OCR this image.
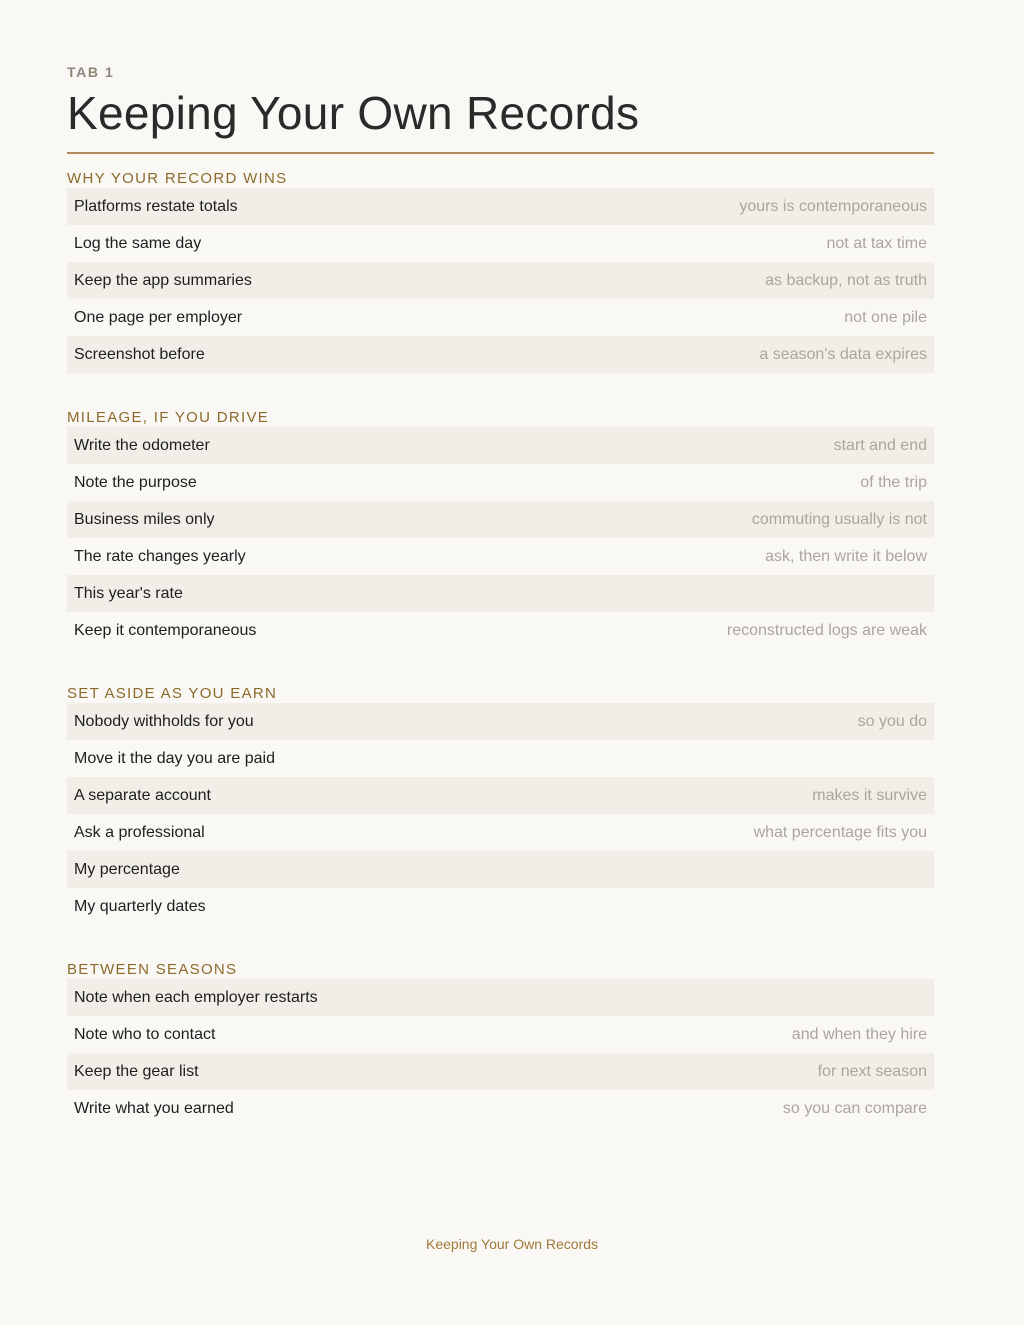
TAB 1
Keeping Your Own Records
WHY YOUR RECORD WINS
Platforms restate totals	yours is contemporaneous
Log the same day	not at tax time
Keep the app summaries	as backup, not as truth
One page per employer	not one pile
Screenshot before	a season's data expires
MILEAGE, IF YOU DRIVE
Write the odometer	start and end
Note the purpose	of the trip
Business miles only	commuting usually is not
The rate changes yearly	ask, then write it below
This year's rate
Keep it contemporaneous	reconstructed logs are weak
SET ASIDE AS YOU EARN
Nobody withholds for you	so you do
Move it the day you are paid
A separate account	makes it survive
Ask a professional	what percentage fits you
My percentage
My quarterly dates
BETWEEN SEASONS
Note when each employer restarts
Note who to contact	and when they hire
Keep the gear list	for next season
Write what you earned	so you can compare
Keeping Your Own Records
